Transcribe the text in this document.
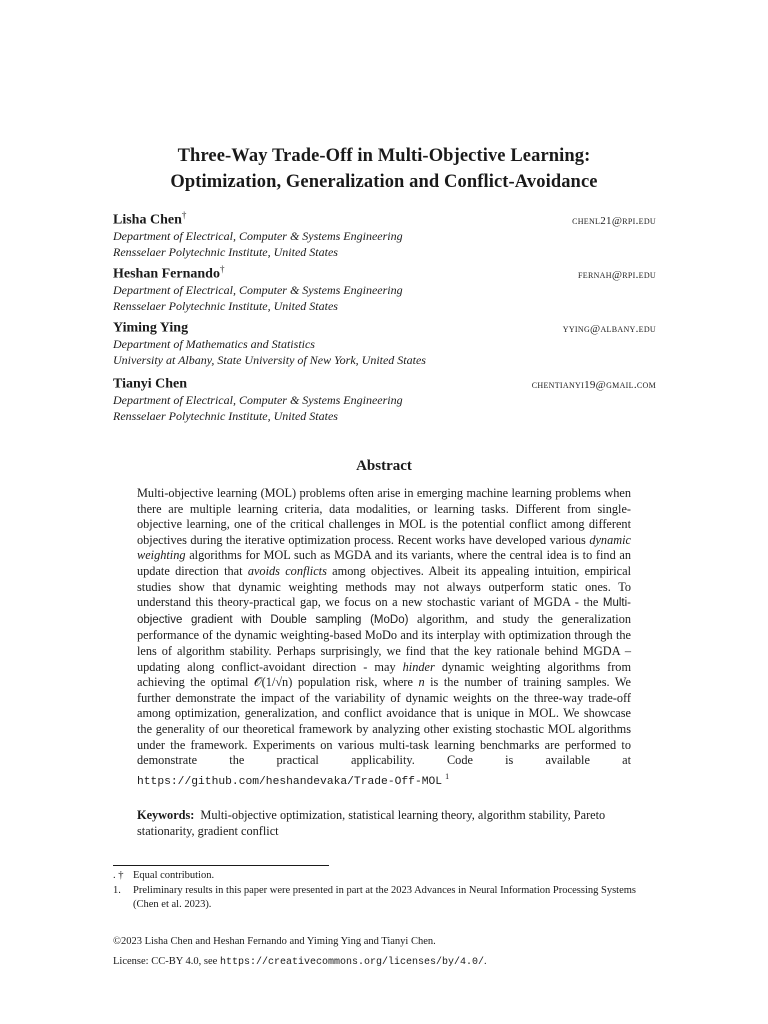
Three-Way Trade-Off in Multi-Objective Learning:
Optimization, Generalization and Conflict-Avoidance
Lisha Chen†	chenl21@rpi.edu
Department of Electrical, Computer & Systems Engineering
Rensselaer Polytechnic Institute, United States
Heshan Fernando†	fernah@rpi.edu
Department of Electrical, Computer & Systems Engineering
Rensselaer Polytechnic Institute, United States
Yiming Ying	yying@albany.edu
Department of Mathematics and Statistics
University at Albany, State University of New York, United States
Tianyi Chen	chentianyi19@gmail.com
Department of Electrical, Computer & Systems Engineering
Rensselaer Polytechnic Institute, United States
Abstract
Multi-objective learning (MOL) problems often arise in emerging machine learning problems when there are multiple learning criteria, data modalities, or learning tasks. Different from single-objective learning, one of the critical challenges in MOL is the potential conflict among different objectives during the iterative optimization process. Recent works have developed various dynamic weighting algorithms for MOL such as MGDA and its variants, where the central idea is to find an update direction that avoids conflicts among objectives. Albeit its appealing intuition, empirical studies show that dynamic weighting methods may not always outperform static ones. To understand this theory-practical gap, we focus on a new stochastic variant of MGDA - the Multi-objective gradient with Double sampling (MoDo) algorithm, and study the generalization performance of the dynamic weighting-based MoDo and its interplay with optimization through the lens of algorithm stability. Perhaps surprisingly, we find that the key rationale behind MGDA – updating along conflict-avoidant direction - may hinder dynamic weighting algorithms from achieving the optimal 𝒪(1/√n) population risk, where n is the number of training samples. We further demonstrate the impact of the variability of dynamic weights on the three-way trade-off among optimization, generalization, and conflict avoidance that is unique in MOL. We showcase the generality of our theoretical framework by analyzing other existing stochastic MOL algorithms under the framework. Experiments on various multi-task learning benchmarks are performed to demonstrate the practical applicability. Code is available at https://github.com/heshandevaka/Trade-Off-MOL $^1$
Keywords: Multi-objective optimization, statistical learning theory, algorithm stability, Pareto stationarity, gradient conflict
. † Equal contribution.
1. Preliminary results in this paper were presented in part at the 2023 Advances in Neural Information Processing Systems (Chen et al. 2023).
©2023 Lisha Chen and Heshan Fernando and Yiming Ying and Tianyi Chen.
License: CC-BY 4.0, see https://creativecommons.org/licenses/by/4.0/.
